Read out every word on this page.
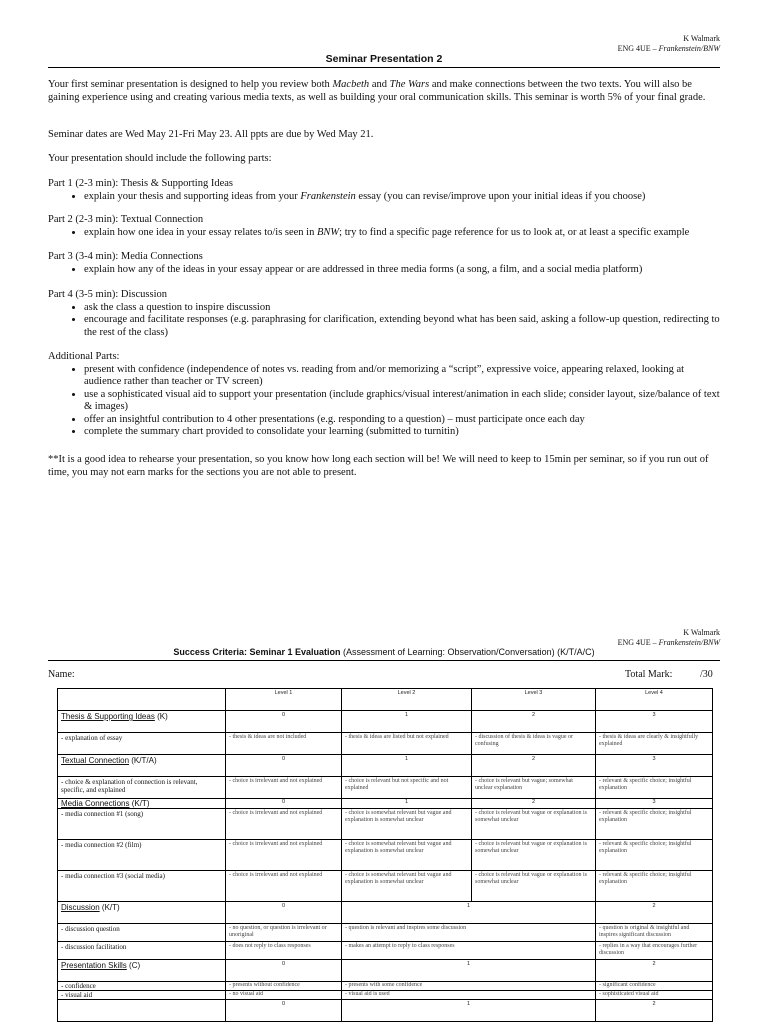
K Walmark
ENG 4UE – Frankenstein/BNW
Seminar Presentation 2

Your first seminar presentation is designed to help you review both Macbeth and The Wars and make connections between the two texts. You will also be gaining experience using and creating various media texts, as well as building your oral communication skills. This seminar is worth 5% of your final grade.

Seminar dates are Wed May 21-Fri May 23. All ppts are due by Wed May 21.
Your presentation should include the following parts:

Part 1 (2-3 min): Thesis & Supporting Ideas

• explain your thesis and supporting ideas from your Frankenstein essay (you can revise/improve upon your initial ideas if you choose)

Part 2 (2-3 min): Textual Connection

• explain how one idea in your essay relates to/is seen in BNW; try to find a specific page reference for us to look at, or at least a specific example

Part 3 (3-4 min): Media Connections

• explain how any of the ideas in your essay appear or are addressed in three media forms (a song, a film, and a social media platform)

Part 4 (3-5 min): Discussion

• ask the class a question to inspire discussion
• encourage and facilitate responses (e.g. paraphrasing for clarification, extending beyond what has been said, asking a follow-up question, redirecting to the rest of the class)

Additional Parts:

• present with confidence (independence of notes vs. reading from and/or memorizing a “script”, expressive voice, appearing relaxed, looking at audience rather than teacher or TV screen)
• use a sophisticated visual aid to support your presentation (include graphics/visual interest/animation in each slide; consider layout, size/balance of text & images)
• offer an insightful contribution to 4 other presentations (e.g. responding to a question) – must participate once each day
• complete the summary chart provided to consolidate your learning (submitted to turnitin)
**It is a good idea to rehearse your presentation, so you know how long each section will be! We will need to keep to 15min per seminar, so if you run out of time, you may not earn marks for the sections you are not able to present.
K Walmark
ENG 4UE – Frankenstein/BNW
Success Criteria: Seminar 1 Evaluation (Assessment of Learning: Observation/Conversation) (K/T/A/C)
Name:	Total Mark:	/30
	Level 1	Level 2	Level 3	Level 4
Thesis & Supporting Ideas (K)	0	1	2	3
- explanation of essay	- thesis & ideas are not included	- thesis & ideas are listed but not explained	- discussion of thesis & ideas is vague or confusing	- thesis & ideas are clearly & insightfully explained
Textual Connection (K/T/A)	0	1	2	3
- choice & explanation of connection is relevant, specific, and explained	- choice is irrelevant and not explained	- choice is relevant but not specific and not explained	- choice is relevant but vague; somewhat unclear explanation	- relevant & specific choice; insightful explanation
Media Connections (K/T)	0	1	2	3
- media connection #1 (song)	- choice is irrelevant and not explained	- choice is somewhat relevant but vague and explanation is somewhat unclear	- choice is relevant but vague or explanation is somewhat unclear	- relevant & specific choice; insightful explanation
- media connection #2 (film)	- choice is irrelevant and not explained	- choice is somewhat relevant but vague and explanation is somewhat unclear	- choice is relevant but vague or explanation is somewhat unclear	- relevant & specific choice; insightful explanation
- media connection #3 (social media)	- choice is irrelevant and not explained	- choice is somewhat relevant but vague and explanation is somewhat unclear	- choice is relevant but vague or explanation is somewhat unclear	- relevant & specific choice; insightful explanation
Discussion (K/T)	0	1		2
- discussion question	- no question, or question is irrelevant or unoriginal	- question is relevant and inspires some discussion		- question is original & insightful and inspires significant discussion
- discussion facilitation	- does not reply to class responses	- makes an attempt to reply to class responses		- replies in a way that encourages further discussion
Presentation Skills (C)	0	1		2
- confidence	- presents without confidence	- presents with some confidence		- significant confidence
- visual aid	- no visual aid	- visual aid is used		- sophisticated visual aid
	0	1		2
